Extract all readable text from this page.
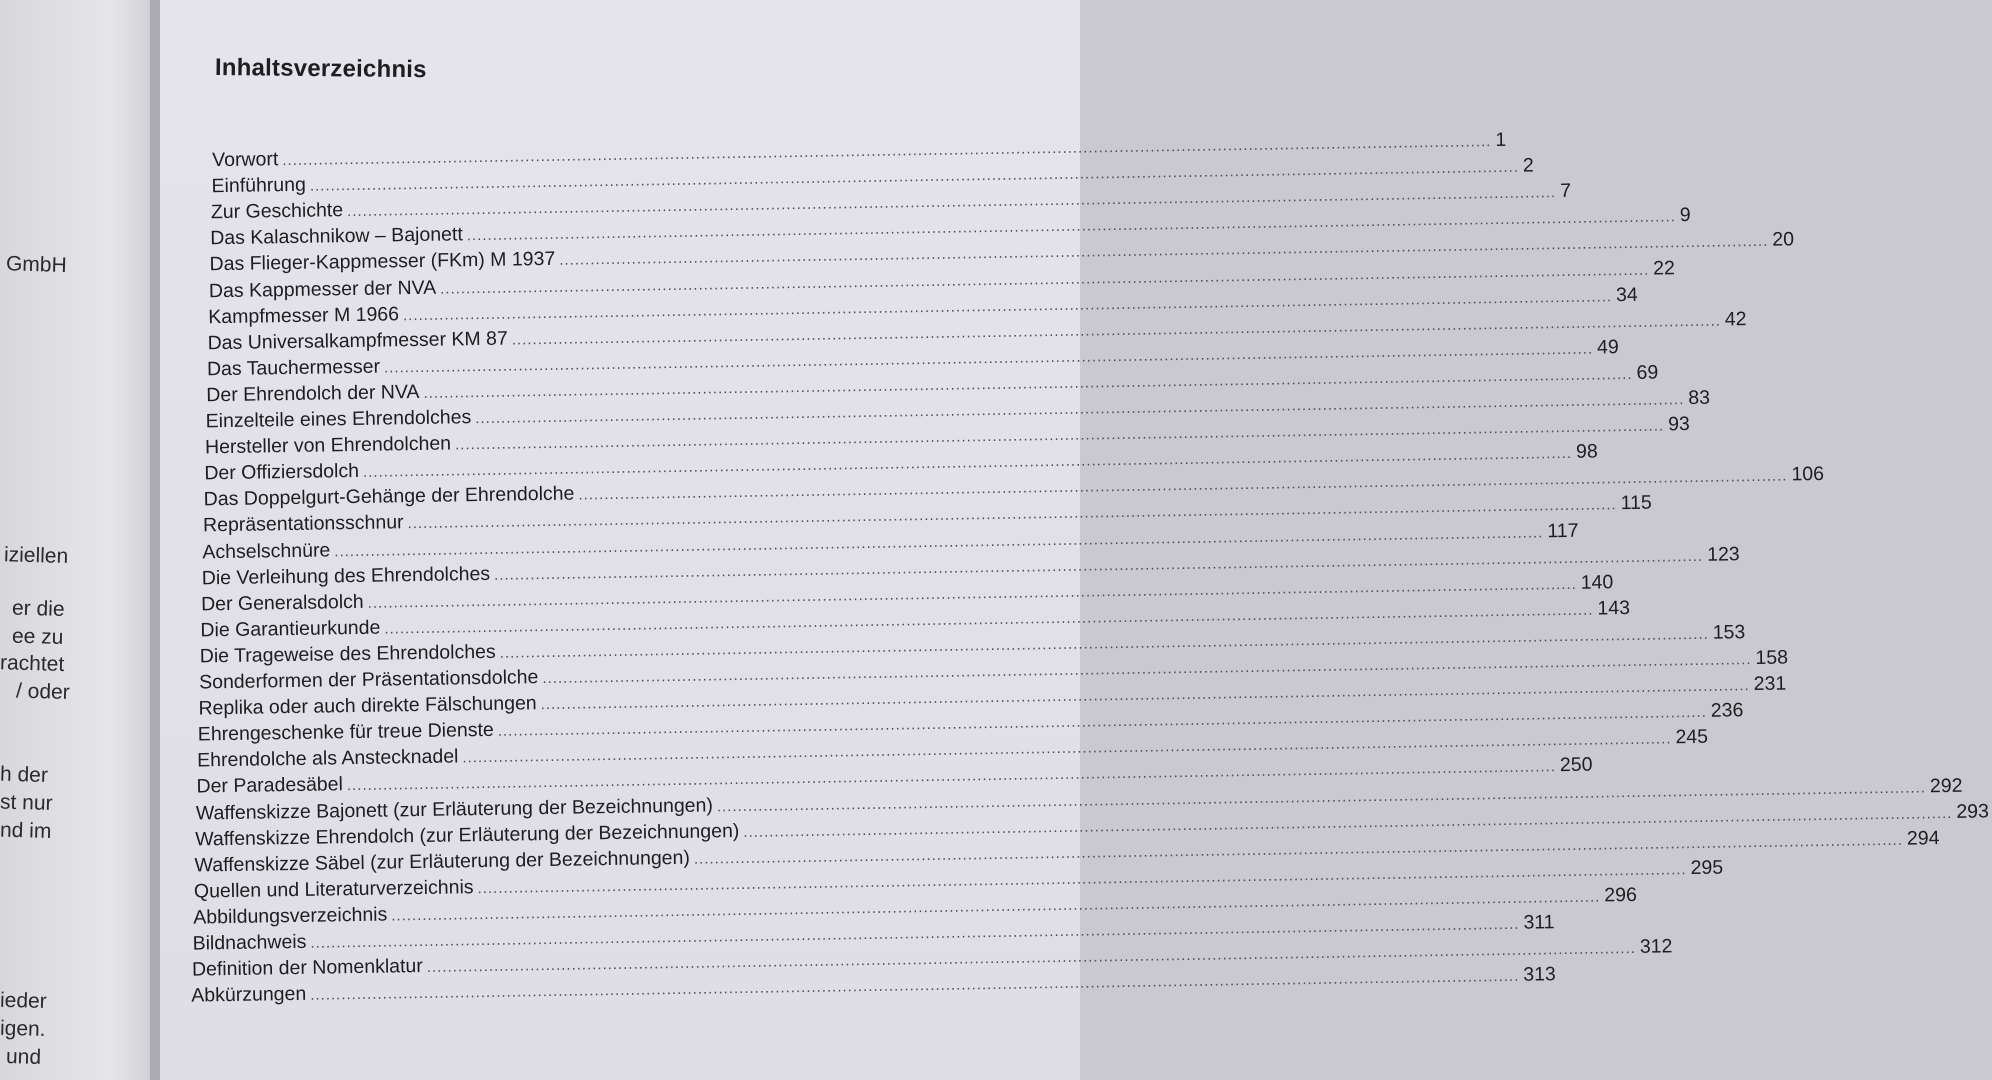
GmbH
iziellen
er die
ee zu
rachtet
/ oder
h der
st nur
nd im
ieder
igen.
und
Inhaltsverzeichnis
Vorwort
.....
1
Einführung
.....
2
Zur Geschichte
.....
7
Das Kalaschnikow – Bajonett
.....
9
Das Flieger-Kappmesser (FKm) M 1937
.....
20
Das Kappmesser der NVA
.....
22
Kampfmesser M 1966
.....
34
Das Universalkampfmesser KM 87
.....
42
Das Tauchermesser
.....
49
Der Ehrendolch der NVA
.....
69
Einzelteile eines Ehrendolches
.....
83
Hersteller von Ehrendolchen
.....
93
Der Offiziersdolch
.....
98
Das Doppelgurt-Gehänge der Ehrendolche
.....
106
Repräsentationsschnur
.....
115
Achselschnüre
.....
117
Die Verleihung des Ehrendolches
.....
123
Der Generalsdolch
.....
140
Die Garantieurkunde
.....
143
Die Trageweise des Ehrendolches
.....
153
Sonderformen der Präsentationsdolche
.....
158
Replika oder auch direkte Fälschungen
.....
231
Ehrengeschenke für treue Dienste
.....
236
Ehrendolche als Anstecknadel
.....
245
Der Paradesäbel
.....
250
Waffenskizze Bajonett (zur Erläuterung der Bezeichnungen)
.....
292
Waffenskizze Ehrendolch (zur Erläuterung der Bezeichnungen)
.....
293
Waffenskizze Säbel (zur Erläuterung der Bezeichnungen)
.....
294
Quellen und Literaturverzeichnis
.....
295
Abbildungsverzeichnis
.....
296
Bildnachweis
.....
311
Definition der Nomenklatur
.....
312
Abkürzungen
.....
313
